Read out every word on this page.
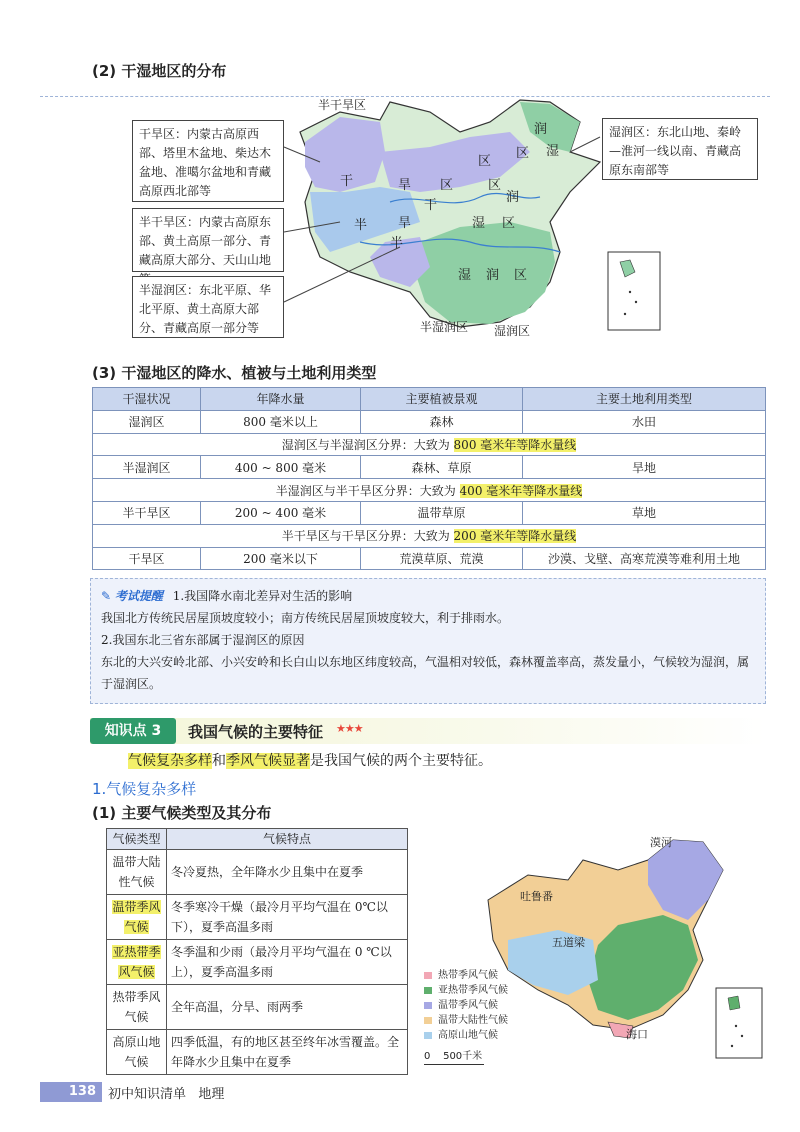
(2) 干湿地区的分布
半干旱区
半湿润区 湿润区
干	旱 区
干
半 旱
区
半
湿
润
区
润
湿
区
区
湿 润 区
干旱区：内蒙古高原西部、塔里木盆地、柴达木盆地、准噶尔盆地和青藏高原西北部等
半干旱区：内蒙古高原东部、黄土高原一部分、青藏高原大部分、天山山地
半湿润区：东北平原、华北平原、黄土高原大部分、青藏高原一部分等
湿润区：东北山地、秦岭—淮河一线以南、青藏高原东南部等
(3) 干湿地区的降水、植被与土地利用类型
干湿状况	年降水量	主要植被景观	主要土地利用类型
湿润区	800 毫米以上	森林	水田
湿润区与半湿润区分界：大致为 800 毫米年等降水量线			
半湿润区	400 ~ 800 毫米	森林、草原	旱地
半湿润区与半干旱区分界：大致为 400 毫米年等降水量线			
半干旱区	200 ~ 400 毫米	温带草原	草地
半干旱区与干旱区分界：大致为 200 毫米年等降水量线			
干旱区	200 毫米以下	荒漠草原、荒漠	沙漠、戈壁、高寒荒漠等难利用土地
✎ 考试提醒 1.我国降水南北差异对生活的影响
我国北方传统民居屋顶坡度较小；南方传统民居屋顶坡度较大，利于排雨水。
2.我国东北三省东部属于湿润区的原因
东北的大兴安岭北部、小兴安岭和长白山以东地区纬度较高，气温相对较低，森林覆盖率高，蒸发量小，气候较为湿润，属于湿润区。
知识点 3	我国气候的主要特征 ★★★
气候复杂多样和季风气候显著是我国气候的两个主要特征。
1.气候复杂多样
(1) 主要气候类型及其分布
气候类型	气候特点
温带大陆性气候	冬冷夏热，全年降水少且集中在夏季
温带季风气候	冬季寒冷干燥（最冷月平均气温在 0℃以下），夏季高温多雨
亚热带季风气候	冬季温和少雨（最冷月平均气温在 0 ℃以上），夏季高温多雨
热带季风气候	全年高温，分旱、雨两季
高原山地气候	四季低温，有的地区甚至终年冰雪覆盖。全年降水少且集中在夏季
漠河
吐鲁番
五道梁
海口
热带季风气候
亚热带季风气候
温带季风气候
温带大陆性气候
高原山地气候
0    500千米
138 初中知识清单   地理
